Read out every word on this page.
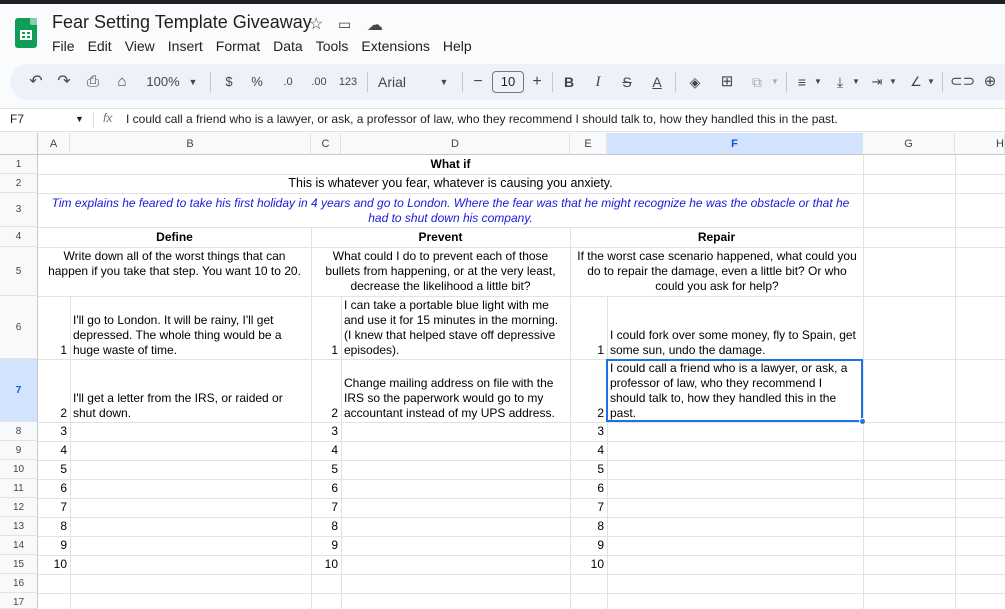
Fear Setting Template Giveaway
☆ ▭ ☁
File Edit View Insert Format Data Tools Extensions Help
↶ ↷	⎙	⌂	100% ▼ $ %	.0	.00	123 Arial	▼ −	10	+ B	I	S A ◈ ⊞ ⧉	▼ ≡ ▼	⤓	▼ ⇥ ▼ ∠ ▼ ⊂⊃ ⊕
F7	▼ fx I could call a friend who is a lawyer, or ask, a professor of law, who they recommend I should talk to, how they handled this in the past.
A	B	C	D	E	F	G	H
1
2
3
4
5
6
7
8
9
10
11
12
13
14
15
16
17
What if
This is whatever you fear, whatever is causing you anxiety.
Tim explains he feared to take his first holiday in 4 years and go to London. Where the fear was that he might recognize he was the obstacle or that he had to shut down his company.
Define	Prevent	Repair
Write down all of the worst things that can happen if you take that step. You want 10 to 20.
What could I do to prevent each of those bullets from happening, or at the very least, decrease the likelihood a little bit?
If the worst case scenario happened, what could you do to repair the damage, even a little bit? Or who could you ask for help?
1
I'll go to London. It will be rainy, I'll get depressed. The whole thing would be a huge waste of time.	1
I can take a portable blue light with me and use it for 15 minutes in the morning. (I knew that helped stave off depressive episodes).	1
I could fork over some money, fly to Spain, get some sun, undo the damage.
2
I'll get a letter from the IRS, or raided or shut down.	2
Change mailing address on file with the IRS so the paperwork would go to my accountant instead of my UPS address.	2
I could call a friend who is a lawyer, or ask, a professor of law, who they recommend I should talk to, how they handled this in the past.
3	3	3
4	4	4
5	5	5
6	6	6
7	7	7
8	8	8
9	9	9
10	10	10
